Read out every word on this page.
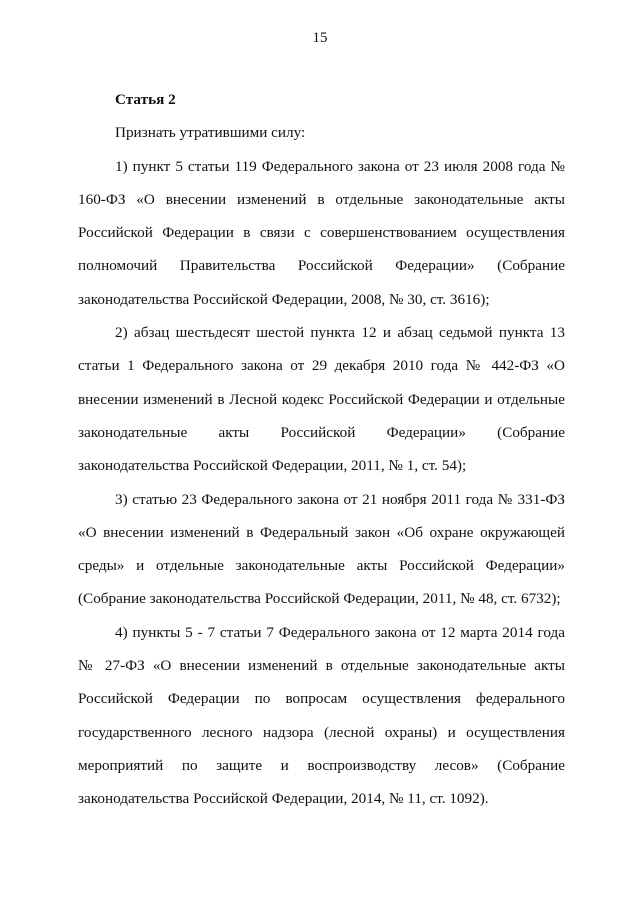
15

Статья 2

Признать утратившими силу:

1) пункт 5 статьи 119 Федерального закона от 23 июля 2008 года № 160-ФЗ «О внесении изменений в отдельные законодательные акты Российской Федерации в связи с совершенствованием осуществления полномочий Правительства Российской Федерации» (Собрание законодательства Российской Федерации, 2008, № 30, ст. 3616);

2) абзац шестьдесят шестой пункта 12 и абзац седьмой пункта 13 статьи 1 Федерального закона от 29 декабря 2010 года № 442-ФЗ «О внесении изменений в Лесной кодекс Российской Федерации и отдельные законодательные акты Российской Федерации» (Собрание законодательства Российской Федерации, 2011, № 1, ст. 54);

3) статью 23 Федерального закона от 21 ноября 2011 года № 331-ФЗ «О внесении изменений в Федеральный закон «Об охране окружающей среды» и отдельные законодательные акты Российской Федерации» (Собрание законодательства Российской Федерации, 2011, № 48, ст. 6732);

4) пункты 5 - 7 статьи 7 Федерального закона от 12 марта 2014 года № 27-ФЗ «О внесении изменений в отдельные законодательные акты Российской Федерации по вопросам осуществления федерального государственного лесного надзора (лесной охраны) и осуществления мероприятий по защите и воспроизводству лесов» (Собрание законодательства Российской Федерации, 2014, № 11, ст. 1092).
